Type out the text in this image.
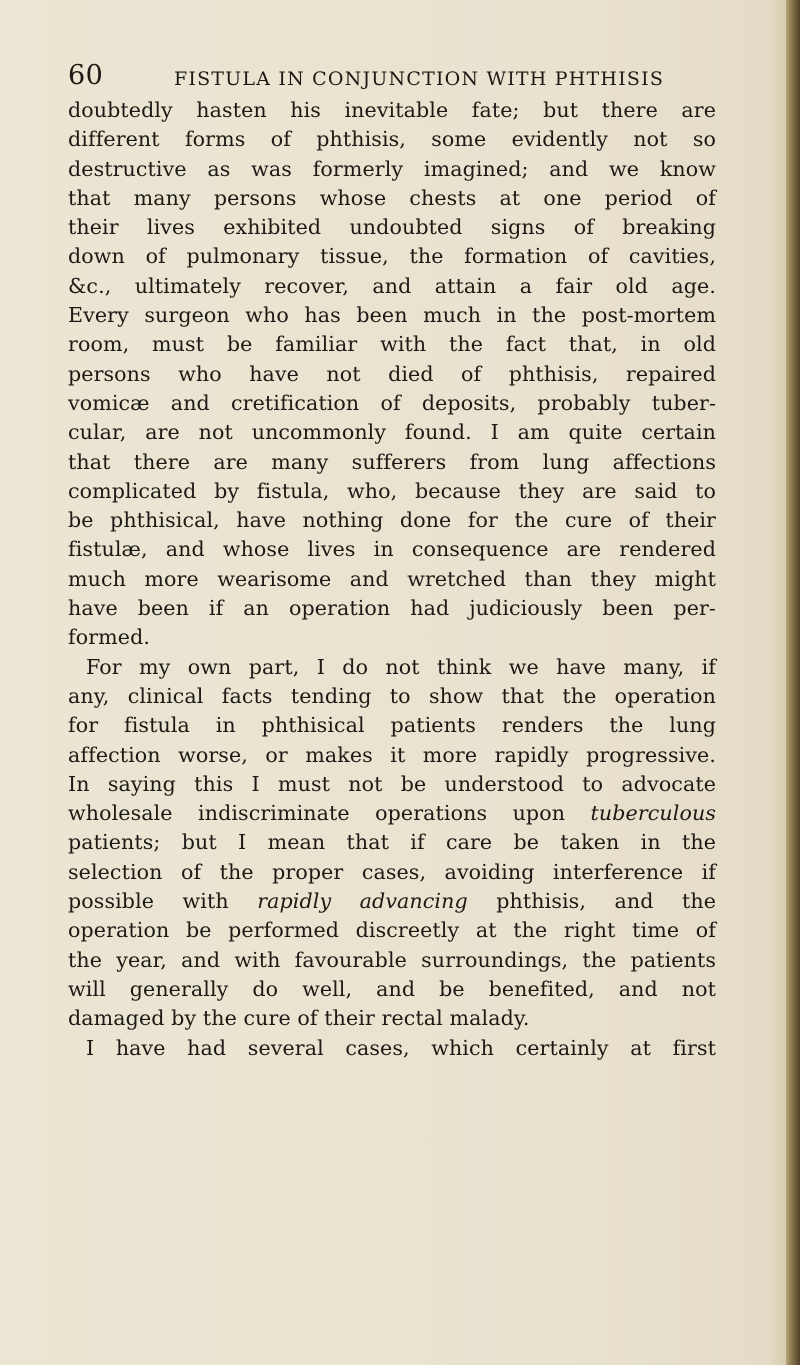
60	FISTULA IN CONJUNCTION WITH PHTHISIS
doubtedly hasten his inevitable fate; but there are
different forms of phthisis, some evidently not so
destructive as was formerly imagined; and we know
that many persons whose chests at one period of
their lives exhibited undoubted signs of breaking
down of pulmonary tissue, the formation of cavities,
&c., ultimately recover, and attain a fair old age.
Every surgeon who has been much in the post-mortem
room, must be familiar with the fact that, in old
persons who have not died of phthisis, repaired
vomicæ and cretification of deposits, probably tuber-
cular, are not uncommonly found. I am quite certain
that there are many sufferers from lung affections
complicated by fistula, who, because they are said to
be phthisical, have nothing done for the cure of their
fistulæ, and whose lives in consequence are rendered
much more wearisome and wretched than they might
have been if an operation had judiciously been per-
formed.
For my own part, I do not think we have many, if
any, clinical facts tending to show that the operation
for fistula in phthisical patients renders the lung
affection worse, or makes it more rapidly progressive.
In saying this I must not be understood to advocate
wholesale indiscriminate operations upon tuberculous
patients; but I mean that if care be taken in the
selection of the proper cases, avoiding interference if
possible with rapidly advancing phthisis, and the
operation be performed discreetly at the right time of
the year, and with favourable surroundings, the patients
will generally do well, and be benefited, and not
damaged by the cure of their rectal malady.
I have had several cases, which certainly at first
